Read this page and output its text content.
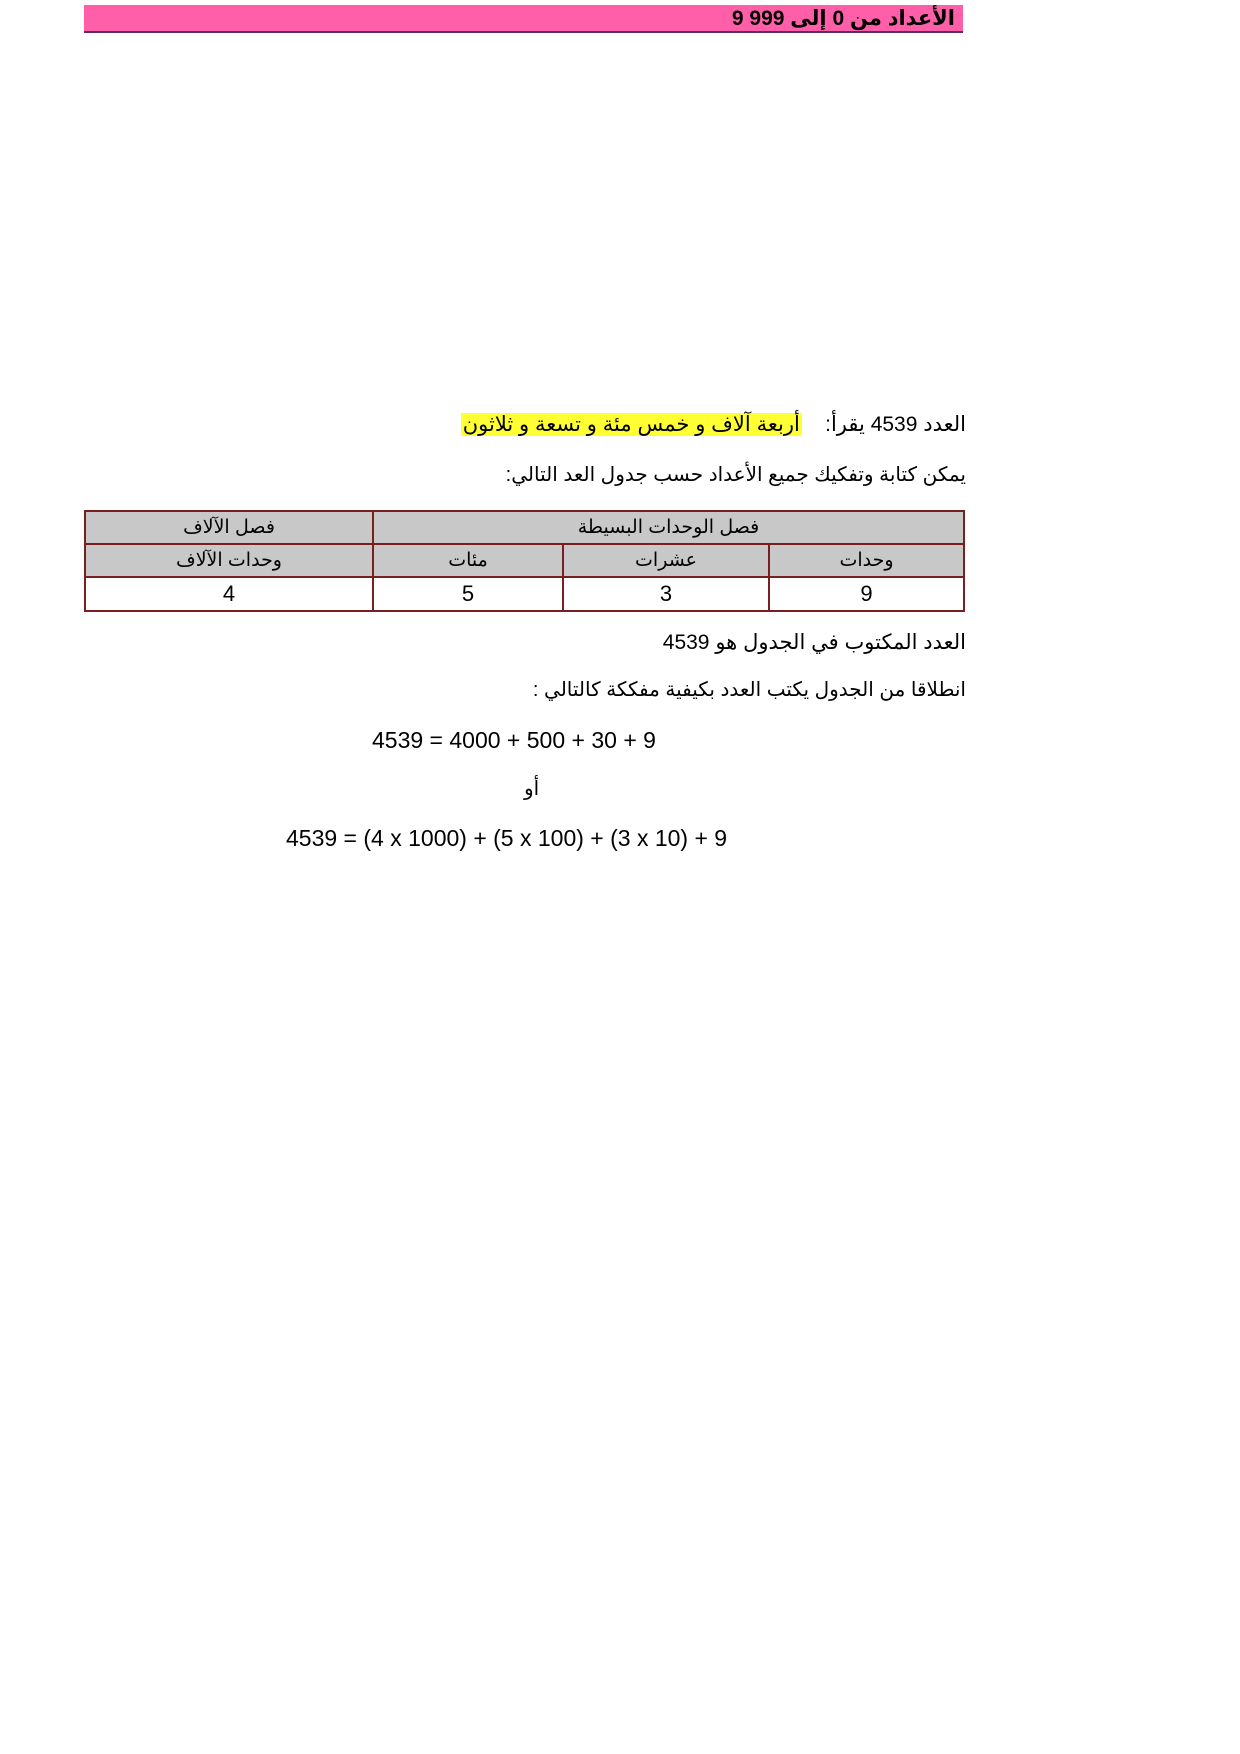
الأعداد من 0 إلى 999 9
العدد 4539 يقرأ:    أربعة آلاف و خمس مئة و تسعة و ثلاثون
يمكن كتابة وتفكيك جميع الأعداد حسب جدول العد التالي:
فصل الوحدات البسيطة			فصل الآلاف
وحدات	عشرات	مئات	وحدات الآلاف
9	3	5	4
العدد المكتوب في الجدول هو 4539
انطلاقا من الجدول يكتب العدد بكيفية مفككة كالتالي :
4539 = 4000 + 500 + 30 + 9
أو
4539 = (4 x 1000) + (5 x 100) + (3 x 10) + 9
